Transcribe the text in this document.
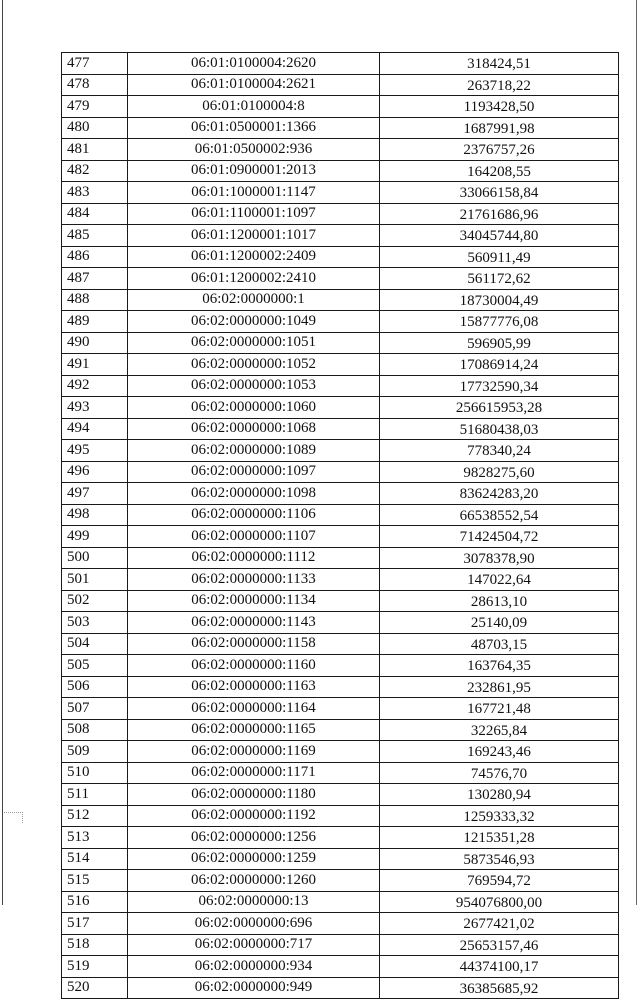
477	06:01:0100004:2620	318424,51
478	06:01:0100004:2621	263718,22
479	06:01:0100004:8	1193428,50
480	06:01:0500001:1366	1687991,98
481	06:01:0500002:936	2376757,26
482	06:01:0900001:2013	164208,55
483	06:01:1000001:1147	33066158,84
484	06:01:1100001:1097	21761686,96
485	06:01:1200001:1017	34045744,80
486	06:01:1200002:2409	560911,49
487	06:01:1200002:2410	561172,62
488	06:02:0000000:1	18730004,49
489	06:02:0000000:1049	15877776,08
490	06:02:0000000:1051	596905,99
491	06:02:0000000:1052	17086914,24
492	06:02:0000000:1053	17732590,34
493	06:02:0000000:1060	256615953,28
494	06:02:0000000:1068	51680438,03
495	06:02:0000000:1089	778340,24
496	06:02:0000000:1097	9828275,60
497	06:02:0000000:1098	83624283,20
498	06:02:0000000:1106	66538552,54
499	06:02:0000000:1107	71424504,72
500	06:02:0000000:1112	3078378,90
501	06:02:0000000:1133	147022,64
502	06:02:0000000:1134	28613,10
503	06:02:0000000:1143	25140,09
504	06:02:0000000:1158	48703,15
505	06:02:0000000:1160	163764,35
506	06:02:0000000:1163	232861,95
507	06:02:0000000:1164	167721,48
508	06:02:0000000:1165	32265,84
509	06:02:0000000:1169	169243,46
510	06:02:0000000:1171	74576,70
511	06:02:0000000:1180	130280,94
512	06:02:0000000:1192	1259333,32
513	06:02:0000000:1256	1215351,28
514	06:02:0000000:1259	5873546,93
515	06:02:0000000:1260	769594,72
516	06:02:0000000:13	954076800,00
517	06:02:0000000:696	2677421,02
518	06:02:0000000:717	25653157,46
519	06:02:0000000:934	44374100,17
520	06:02:0000000:949	36385685,92
